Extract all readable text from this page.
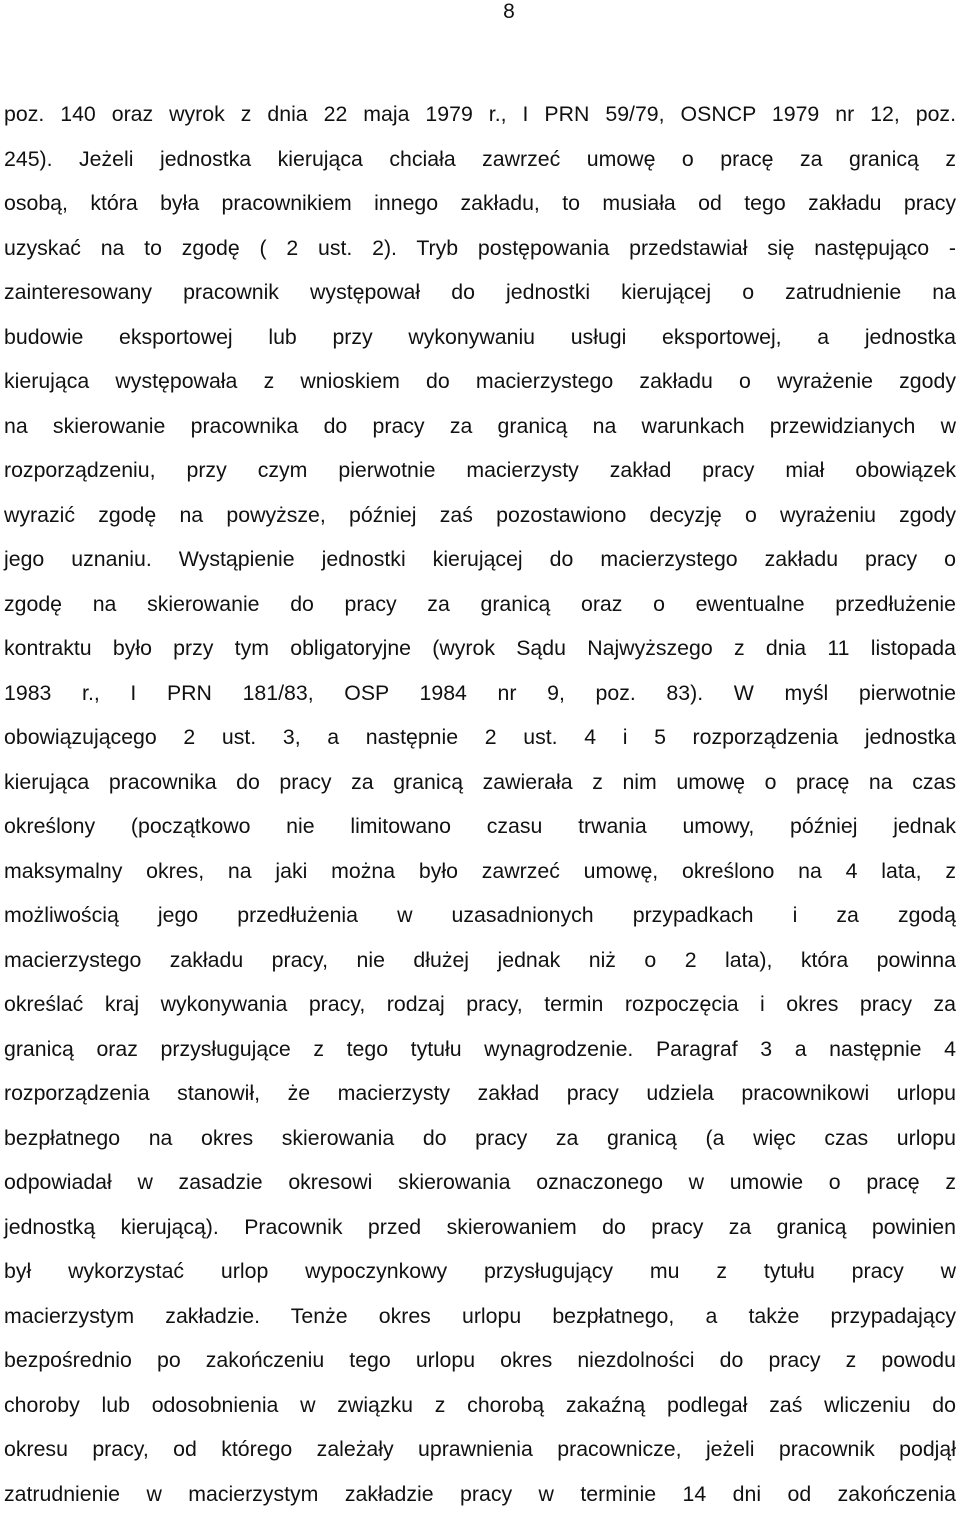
8
poz. 140 oraz wyrok z dnia 22 maja 1979 r., I PRN 59/79, OSNCP 1979 nr 12, poz.
245). Jeżeli jednostka kierująca chciała zawrzeć umowę o pracę za granicą z
osobą, która była pracownikiem innego zakładu, to musiała od tego zakładu pracy
uzyskać na to zgodę ( 2 ust. 2). Tryb postępowania przedstawiał się następująco -
zainteresowany pracownik występował do jednostki kierującej o zatrudnienie na
budowie eksportowej lub przy wykonywaniu usługi eksportowej, a jednostka
kierująca występowała z wnioskiem do macierzystego zakładu o wyrażenie zgody
na skierowanie pracownika do pracy za granicą na warunkach przewidzianych w
rozporządzeniu, przy czym pierwotnie macierzysty zakład pracy miał obowiązek
wyrazić zgodę na powyższe, później zaś pozostawiono decyzję o wyrażeniu zgody
jego uznaniu. Wystąpienie jednostki kierującej do macierzystego zakładu pracy o
zgodę na skierowanie do pracy za granicą oraz o ewentualne przedłużenie
kontraktu było przy tym obligatoryjne (wyrok Sądu Najwyższego z dnia 11 listopada
1983 r., I PRN 181/83, OSP 1984 nr 9, poz. 83). W myśl pierwotnie
obowiązującego 2 ust. 3, a następnie 2 ust. 4 i 5 rozporządzenia jednostka
kierująca pracownika do pracy za granicą zawierała z nim umowę o pracę na czas
określony (początkowo nie limitowano czasu trwania umowy, później jednak
maksymalny okres, na jaki można było zawrzeć umowę, określono na 4 lata, z
możliwością jego przedłużenia w uzasadnionych przypadkach i za zgodą
macierzystego zakładu pracy, nie dłużej jednak niż o 2 lata), która powinna
określać kraj wykonywania pracy, rodzaj pracy, termin rozpoczęcia i okres pracy za
granicą oraz przysługujące z tego tytułu wynagrodzenie. Paragraf 3 a następnie 4
rozporządzenia stanowił, że macierzysty zakład pracy udziela pracownikowi urlopu
bezpłatnego na okres skierowania do pracy za granicą (a więc czas urlopu
odpowiadał w zasadzie okresowi skierowania oznaczonego w umowie o pracę z
jednostką kierującą). Pracownik przed skierowaniem do pracy za granicą powinien
był wykorzystać urlop wypoczynkowy przysługujący mu z tytułu pracy w
macierzystym zakładzie. Tenże okres urlopu bezpłatnego, a także przypadający
bezpośrednio po zakończeniu tego urlopu okres niezdolności do pracy z powodu
choroby lub odosobnienia w związku z chorobą zakaźną podlegał zaś wliczeniu do
okresu pracy, od którego zależały uprawnienia pracownicze, jeżeli pracownik podjął
zatrudnienie w macierzystym zakładzie pracy w terminie 14 dni od zakończenia
